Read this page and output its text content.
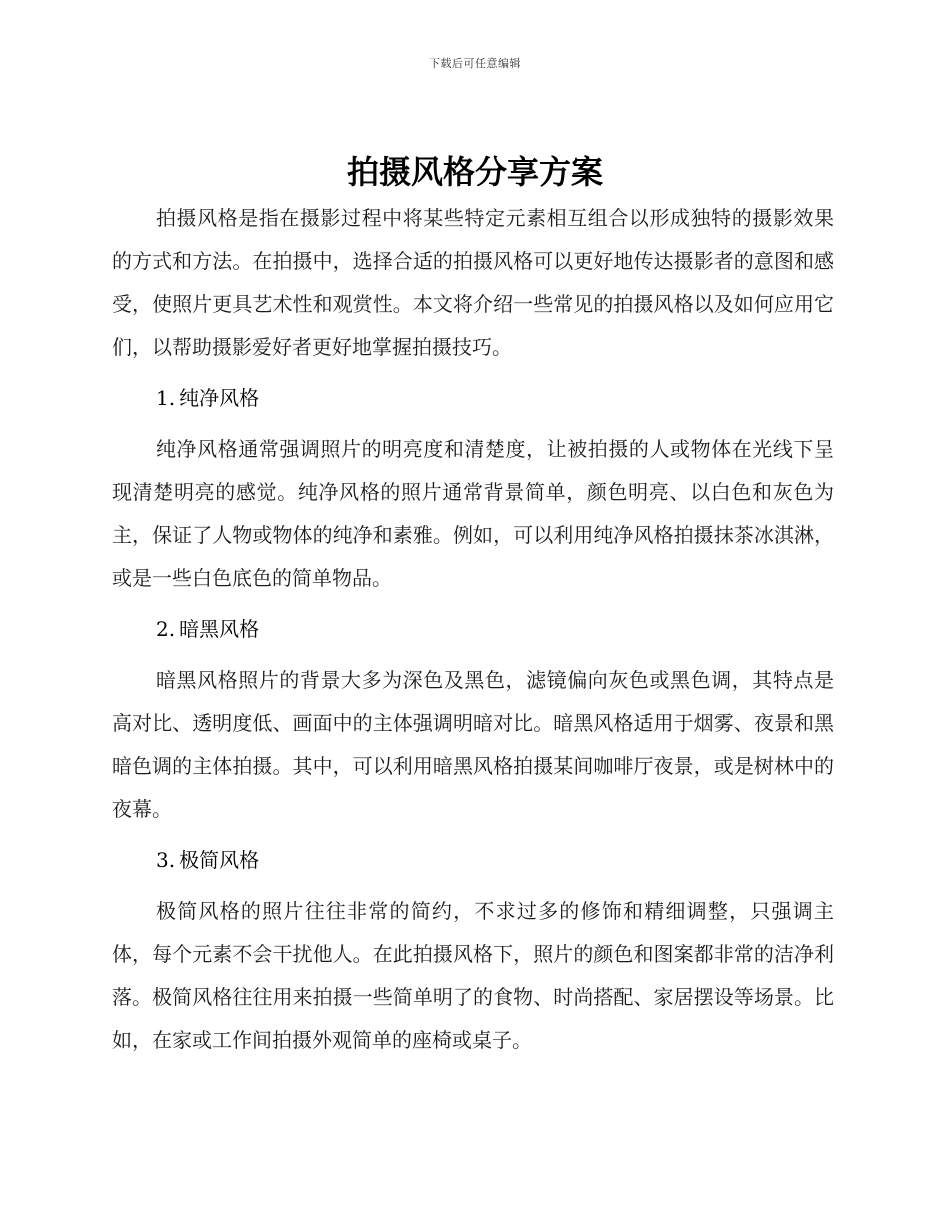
下载后可任意编辑
拍摄风格分享方案

拍摄风格是指在摄影过程中将某些特定元素相互组合以形成独特的摄影效果的方式和方法。在拍摄中，选择合适的拍摄风格可以更好地传达摄影者的意图和感受，使照片更具艺术性和观赏性。本文将介绍一些常见的拍摄风格以及如何应用它们，以帮助摄影爱好者更好地掌握拍摄技巧。

1. 纯净风格

纯净风格通常强调照片的明亮度和清楚度，让被拍摄的人或物体在光线下呈现清楚明亮的感觉。纯净风格的照片通常背景简单，颜色明亮、以白色和灰色为主，保证了人物或物体的纯净和素雅。例如，可以利用纯净风格拍摄抹茶冰淇淋，或是一些白色底色的简单物品。

2. 暗黑风格

暗黑风格照片的背景大多为深色及黑色，滤镜偏向灰色或黑色调，其特点是高对比、透明度低、画面中的主体强调明暗对比。暗黑风格适用于烟雾、夜景和黑暗色调的主体拍摄。其中，可以利用暗黑风格拍摄某间咖啡厅夜景，或是树林中的夜幕。

3. 极简风格

极简风格的照片往往非常的简约，不求过多的修饰和精细调整，只强调主体，每个元素不会干扰他人。在此拍摄风格下，照片的颜色和图案都非常的洁净利落。极简风格往往用来拍摄一些简单明了的食物、时尚搭配、家居摆设等场景。比如，在家或工作间拍摄外观简单的座椅或桌子。
